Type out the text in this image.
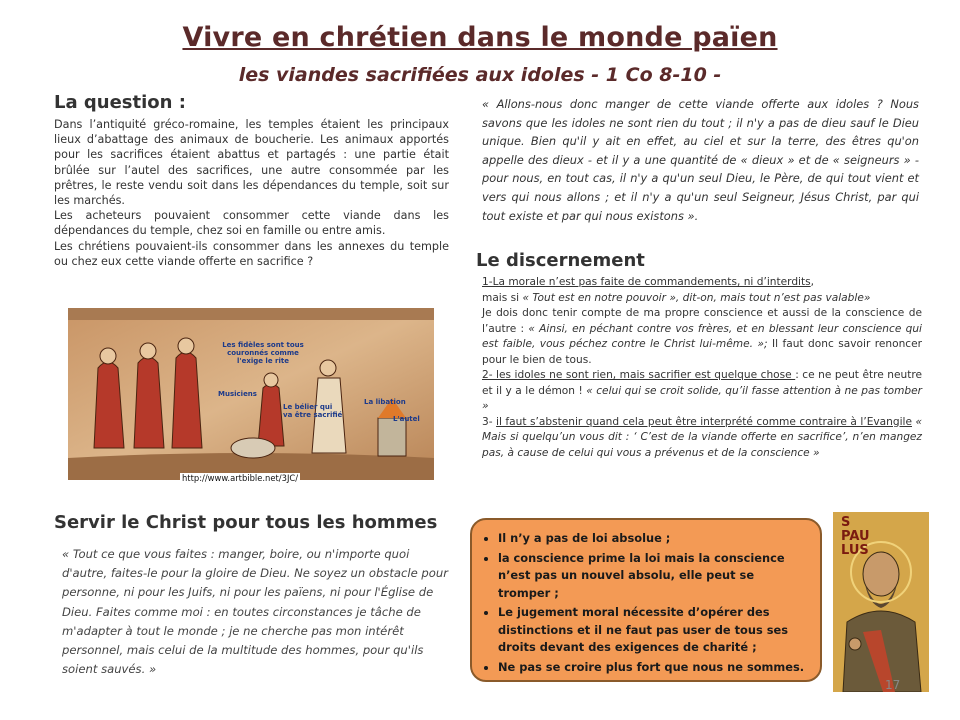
Vivre en chrétien dans le monde païen
les viandes sacrifiées aux idoles - 1 Co 8-10 -
La question :

Dans l’antiquité gréco-romaine, les temples étaient les principaux lieux d’abattage des animaux de boucherie. Les animaux apportés pour les sacrifices étaient abattus et partagés : une partie était brûlée sur l’autel des sacrifices, une autre consommée par les prêtres, le reste vendu soit dans les dépendances du temple, soit sur les marchés.

Les acheteurs pouvaient consommer cette viande dans les dépendances du temple, chez soi en famille ou entre amis.

Les chrétiens pouvaient-ils consommer dans les annexes du temple ou chez eux cette viande offerte en sacrifice ?

« Allons-nous donc manger de cette viande offerte aux idoles ? Nous savons que les idoles ne sont rien du tout ; il n'y a pas de dieu sauf le Dieu unique. Bien qu'il y ait en effet, au ciel et sur la terre, des êtres qu'on appelle des dieux - et il y a une quantité de « dieux » et de « seigneurs » - pour nous, en tout cas, il n'y a qu'un seul Dieu, le Père, de qui tout vient et vers qui nous allons ; et il n'y a qu'un seul Seigneur, Jésus Christ, par qui tout existe et par qui nous existons ».
Les fidèles sont tous couronnés comme l'exige le rite
Musiciens
Le bélier qui va être sacrifié
La libation
L'autel
http://www.artbible.net/3JC/
Le discernement

1-La morale n’est pas faite de commandements, ni d’interdits,

mais si « Tout est en notre pouvoir », dit-on, mais tout n’est pas valable»

Je dois donc tenir compte de ma propre conscience et aussi de la conscience de l’autre : « Ainsi, en péchant contre vos frères, et en blessant leur conscience qui est faible, vous péchez contre le Christ lui-même. »; Il faut donc savoir renoncer pour le bien de tous.

2- les idoles ne sont rien, mais sacrifier est quelque chose : ce ne peut être neutre et il y a le démon ! « celui qui se croit solide, qu’il fasse attention à ne pas tomber »

3- il faut s’abstenir quand cela peut être interprété comme contraire à l’Evangile « Mais si quelqu’un vous dit : ‘ C’est de la viande offerte en sacrifice’, n’en mangez pas, à cause de celui qui vous a prévenus et de la conscience »

Servir le Christ pour tous les hommes
« Tout ce que vous faites : manger, boire, ou n'importe quoi d'autre, faites-le pour la gloire de Dieu. Ne soyez un obstacle pour personne, ni pour les Juifs, ni pour les païens, ni pour l'Église de Dieu. Faites comme moi : en toutes circonstances je tâche de m'adapter à tout le monde ; je ne cherche pas mon intérêt personnel, mais celui de la multitude des hommes, pour qu'ils soient sauvés. »
• Il n’y a pas de loi absolue ;
• la conscience prime la loi mais la conscience n’est pas un nouvel absolu, elle peut se tromper ;
• Le jugement moral nécessite d’opérer des distinctions et il ne faut pas user de tous ses droits devant des exigences de charité ;
• Ne pas se croire plus fort que nous ne sommes.
S PAU LUS
17
